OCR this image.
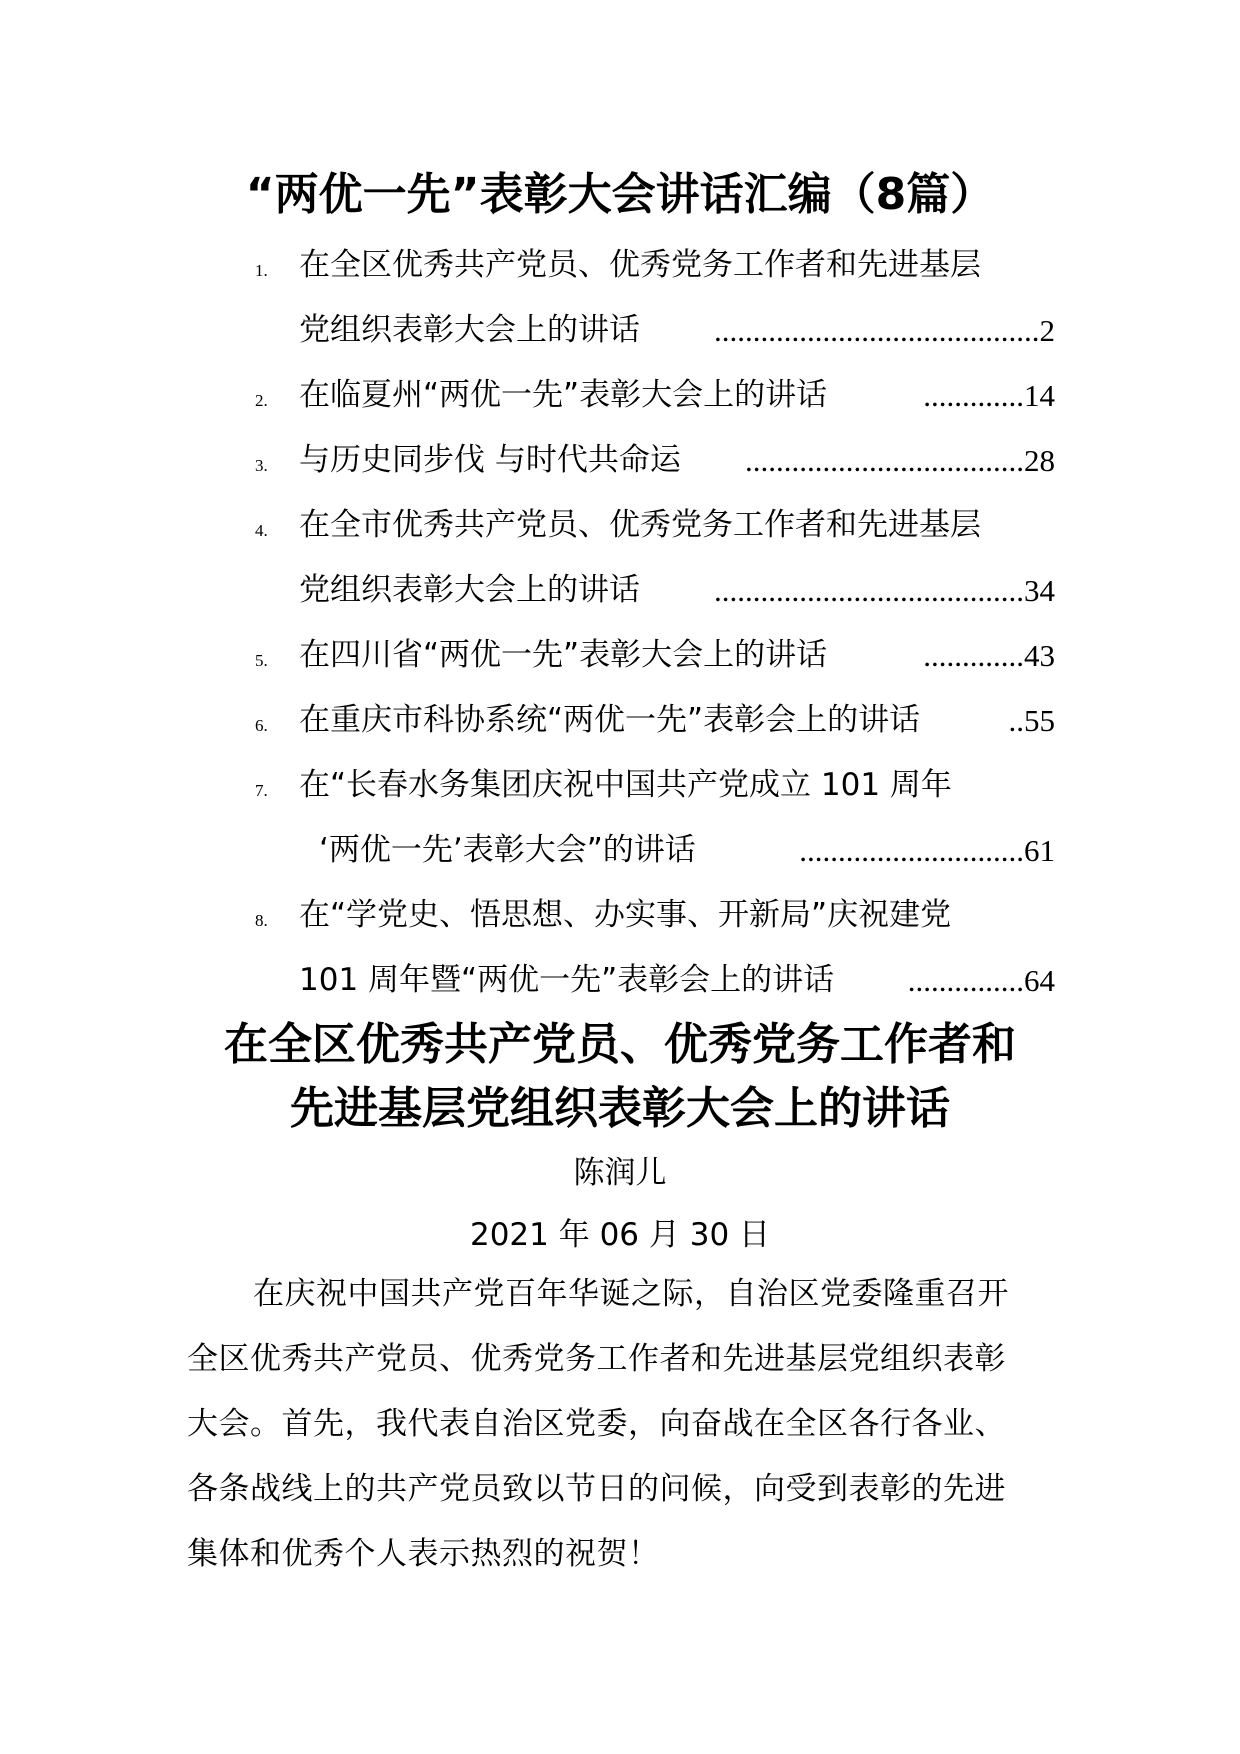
“两优一先”表彰大会讲话汇编（8篇）
1. 在全区优秀共产党员、优秀党务工作者和先进基层
党组织表彰大会上的讲话 .......................................... 2
2. 在临夏州“两优一先”表彰大会上的讲话	............. 14
3. 与历史同步伐 与时代共命运 .................................... 28
4. 在全市优秀共产党员、优秀党务工作者和先进基层
党组织表彰大会上的讲话 ........................................ 34
5. 在四川省“两优一先”表彰大会上的讲话	............. 43
6. 在重庆市科协系统“两优一先”表彰会上的讲话	.. 55
7. 在“长春水务集团庆祝中国共产党成立 101 周年
‘两优一先’表彰大会”的讲话	............................. 61
8. 在“学党史、悟思想、办实事、开新局”庆祝建党
101 周年暨“两优一先”表彰会上的讲话 ............... 64
在全区优秀共产党员、优秀党务工作者和
先进基层党组织表彰大会上的讲话
陈润儿
2021 年 06 月 30 日

在庆祝中国共产党百年华诞之际，自治区党委隆重召开全区优秀共产党员、优秀党务工作者和先进基层党组织表彰大会。首先，我代表自治区党委，向奋战在全区各行各业、各条战线上的共产党员致以节日的问候，向受到表彰的先进集体和优秀个人表示热烈的祝贺！
